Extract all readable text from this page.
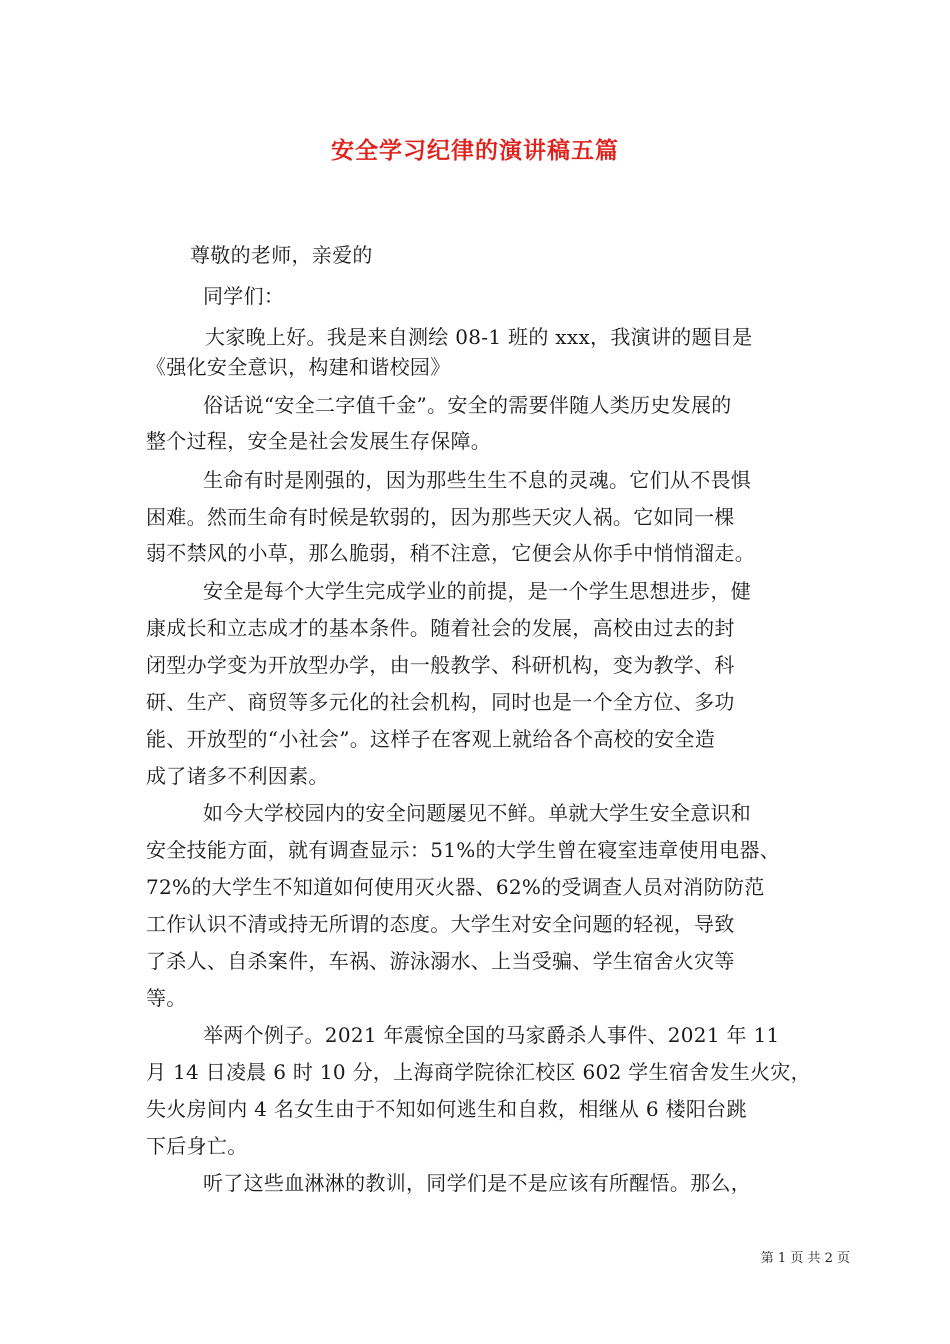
安全学习纪律的演讲稿五篇
尊敬的老师，亲爱的
同学们：
大家晚上好。我是来自测绘 08-1 班的 xxx，我演讲的题目是
《强化安全意识，构建和谐校园》
俗话说“安全二字值千金”。安全的需要伴随人类历史发展的
整个过程，安全是社会发展生存保障。
生命有时是刚强的，因为那些生生不息的灵魂。它们从不畏惧
困难。然而生命有时候是软弱的，因为那些天灾人祸。它如同一棵
弱不禁风的小草，那么脆弱，稍不注意，它便会从你手中悄悄溜走。
安全是每个大学生完成学业的前提，是一个学生思想进步，健
康成长和立志成才的基本条件。随着社会的发展，高校由过去的封
闭型办学变为开放型办学，由一般教学、科研机构，变为教学、科
研、生产、商贸等多元化的社会机构，同时也是一个全方位、多功
能、开放型的“小社会”。这样子在客观上就给各个高校的安全造
成了诸多不利因素。
如今大学校园内的安全问题屡见不鲜。单就大学生安全意识和
安全技能方面，就有调查显示：51%的大学生曾在寝室违章使用电器、
72%的大学生不知道如何使用灭火器、62%的受调查人员对消防防范
工作认识不清或持无所谓的态度。大学生对安全问题的轻视，导致
了杀人、自杀案件，车祸、游泳溺水、上当受骗、学生宿舍火灾等
等。
举两个例子。2021 年震惊全国的马家爵杀人事件、2021 年 11
月 14 日凌晨 6 时 10 分，上海商学院徐汇校区 602 学生宿舍发生火灾，
失火房间内 4 名女生由于不知如何逃生和自救，相继从 6 楼阳台跳
下后身亡。
听了这些血淋淋的教训，同学们是不是应该有所醒悟。那么，
第 1 页 共 2 页
